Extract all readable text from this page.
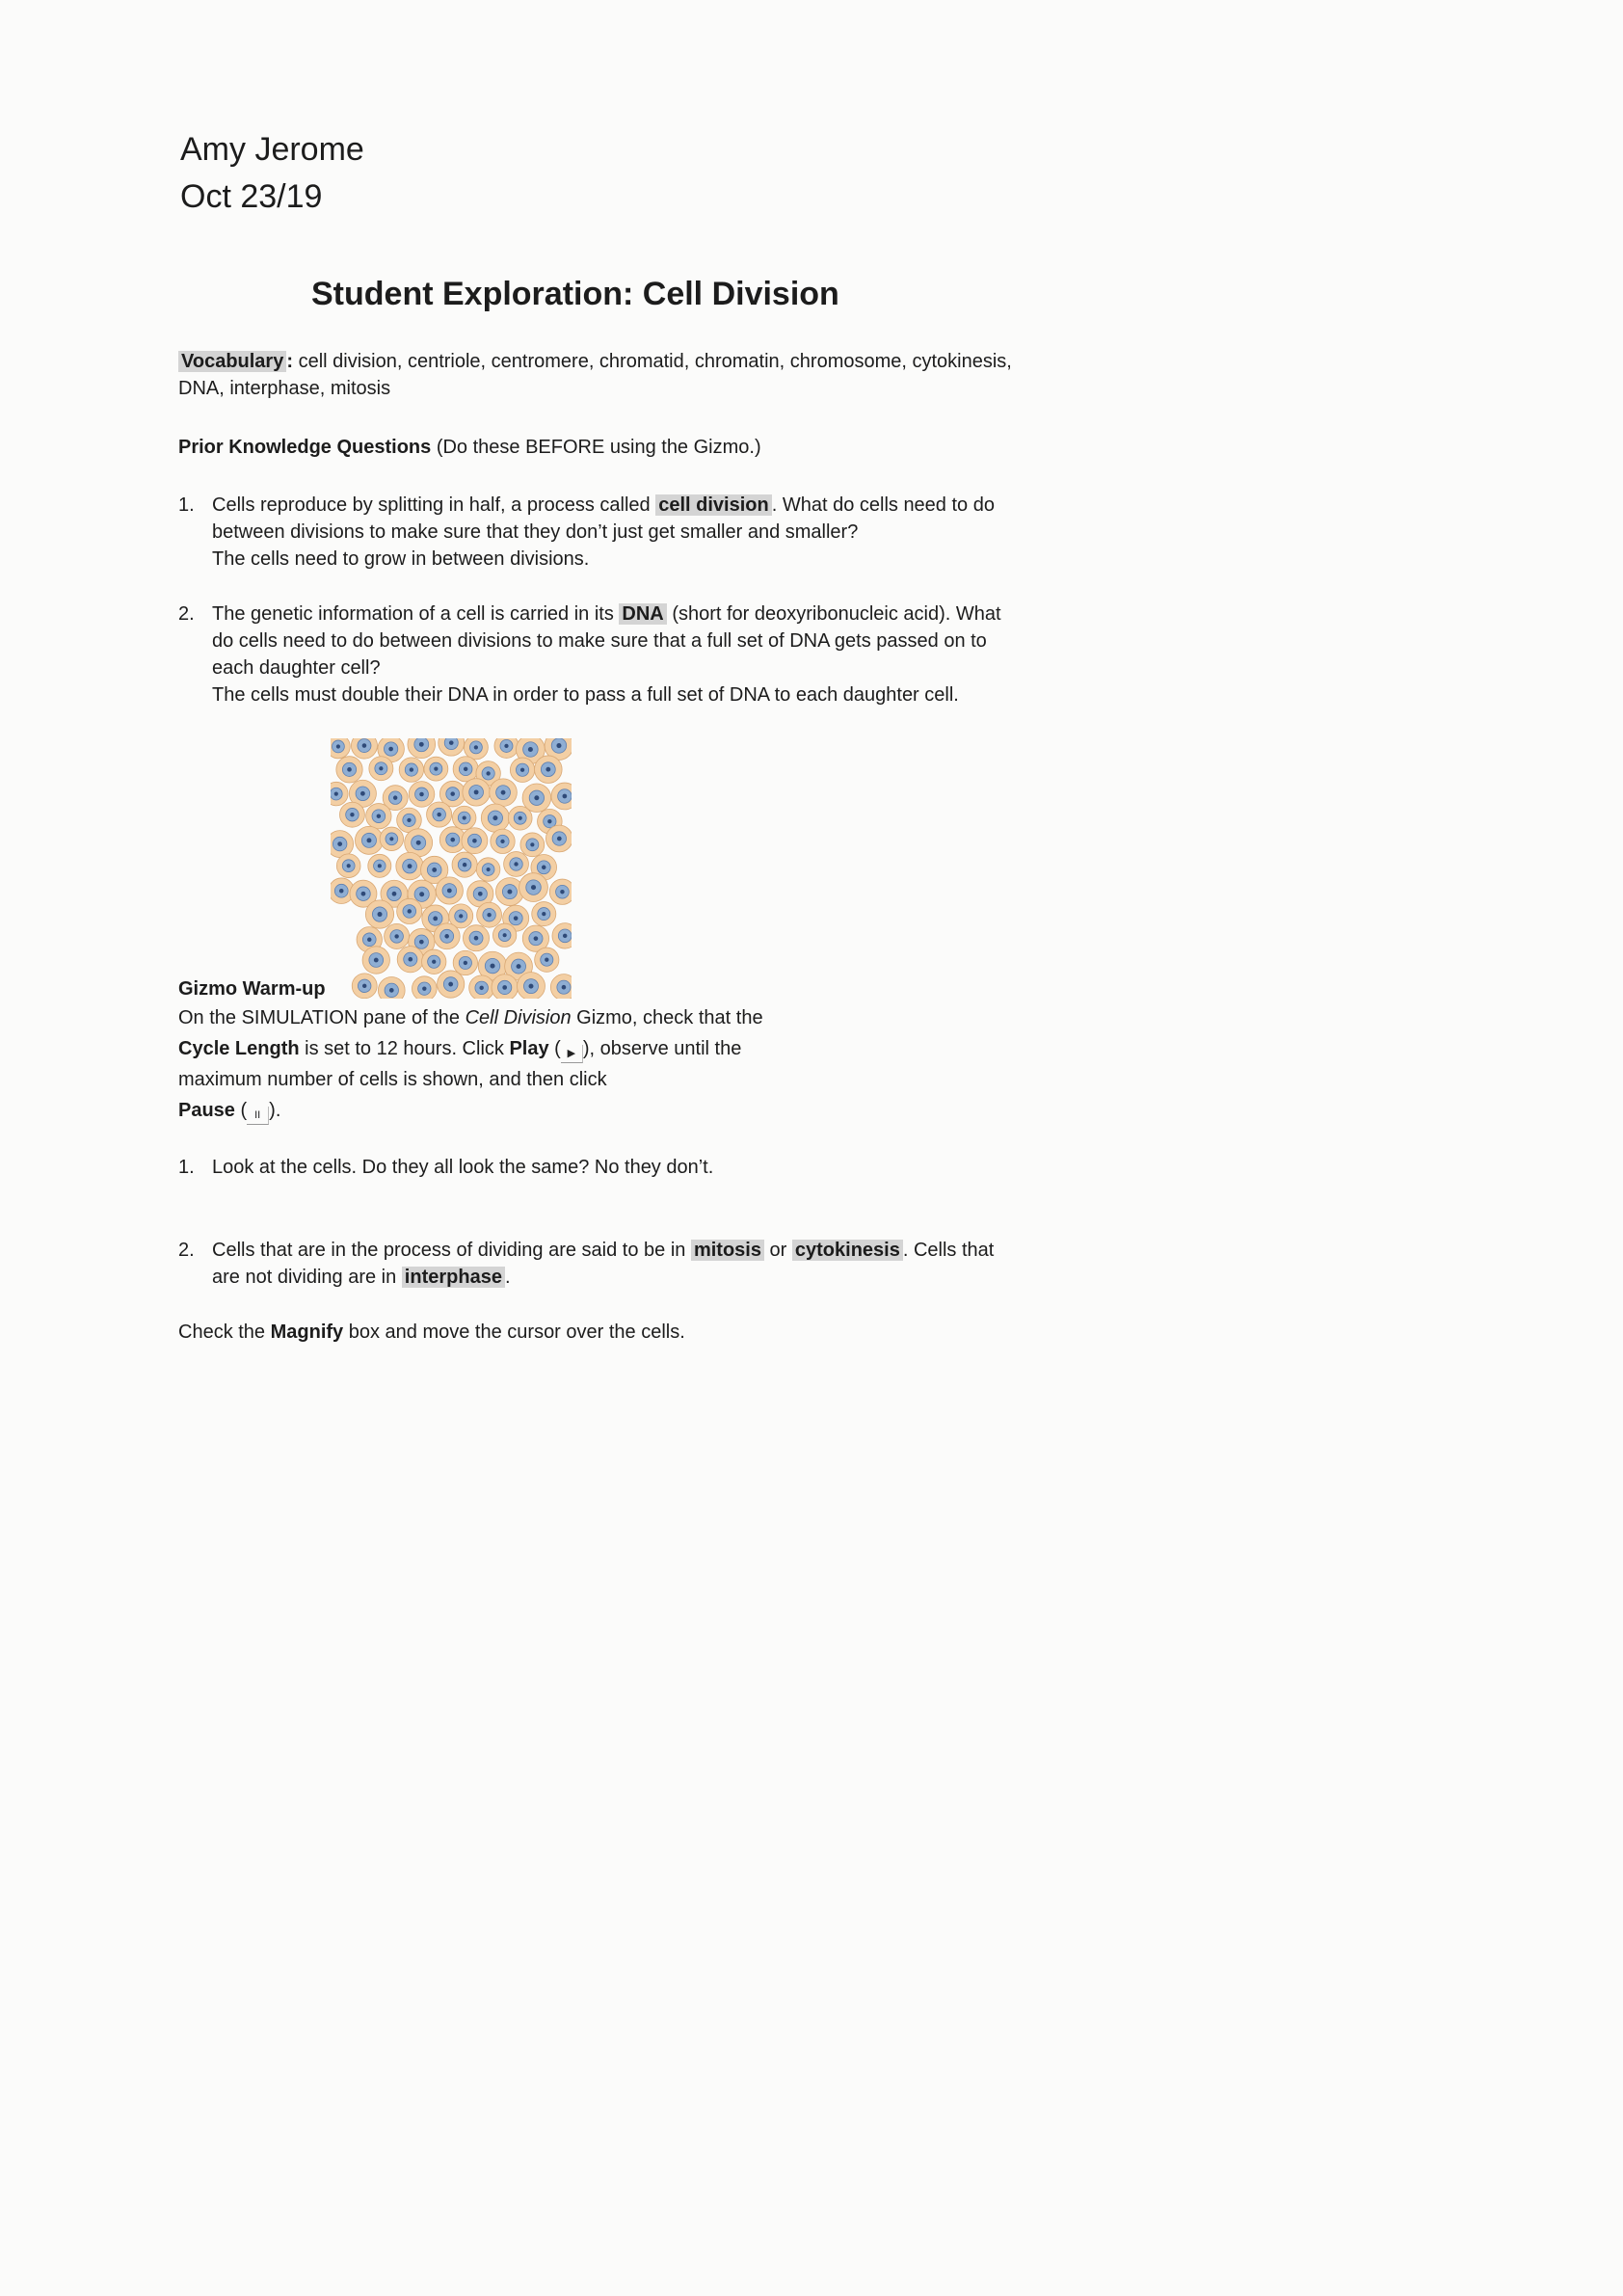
Amy Jerome
Oct 23/19
Student Exploration: Cell Division
Vocabulary : cell division, centriole, centromere, chromatid, chromatin, chromosome, cytokinesis, DNA, interphase, mitosis
Prior Knowledge Questions (Do these BEFORE using the Gizmo.)
1. Cells reproduce by splitting in half, a process called cell division . What do cells need to do between divisions to make sure that they don’t just get smaller and smaller?
The cells need to grow in between divisions.
2. The genetic information of a cell is carried in its DNA (short for deoxyribonucleic acid). What do cells need to do between divisions to make sure that a full set of DNA gets passed on to each daughter cell?
The cells must double their DNA in order to pass a full set of DNA to each daughter cell.
Gizmo Warm-up
On the SIMULATION pane of the Cell Division Gizmo, check that the Cycle Length is set to 12 hours. Click Play ( ▶ ), observe until the maximum number of cells is shown, and then click
Pause ( II ).
1. Look at the cells. Do they all look the same? No they don’t.
2. Cells that are in the process of dividing are said to be in mitosis or cytokinesis . Cells that are not dividing are in interphase .
Check the Magnify box and move the cursor over the cells.
